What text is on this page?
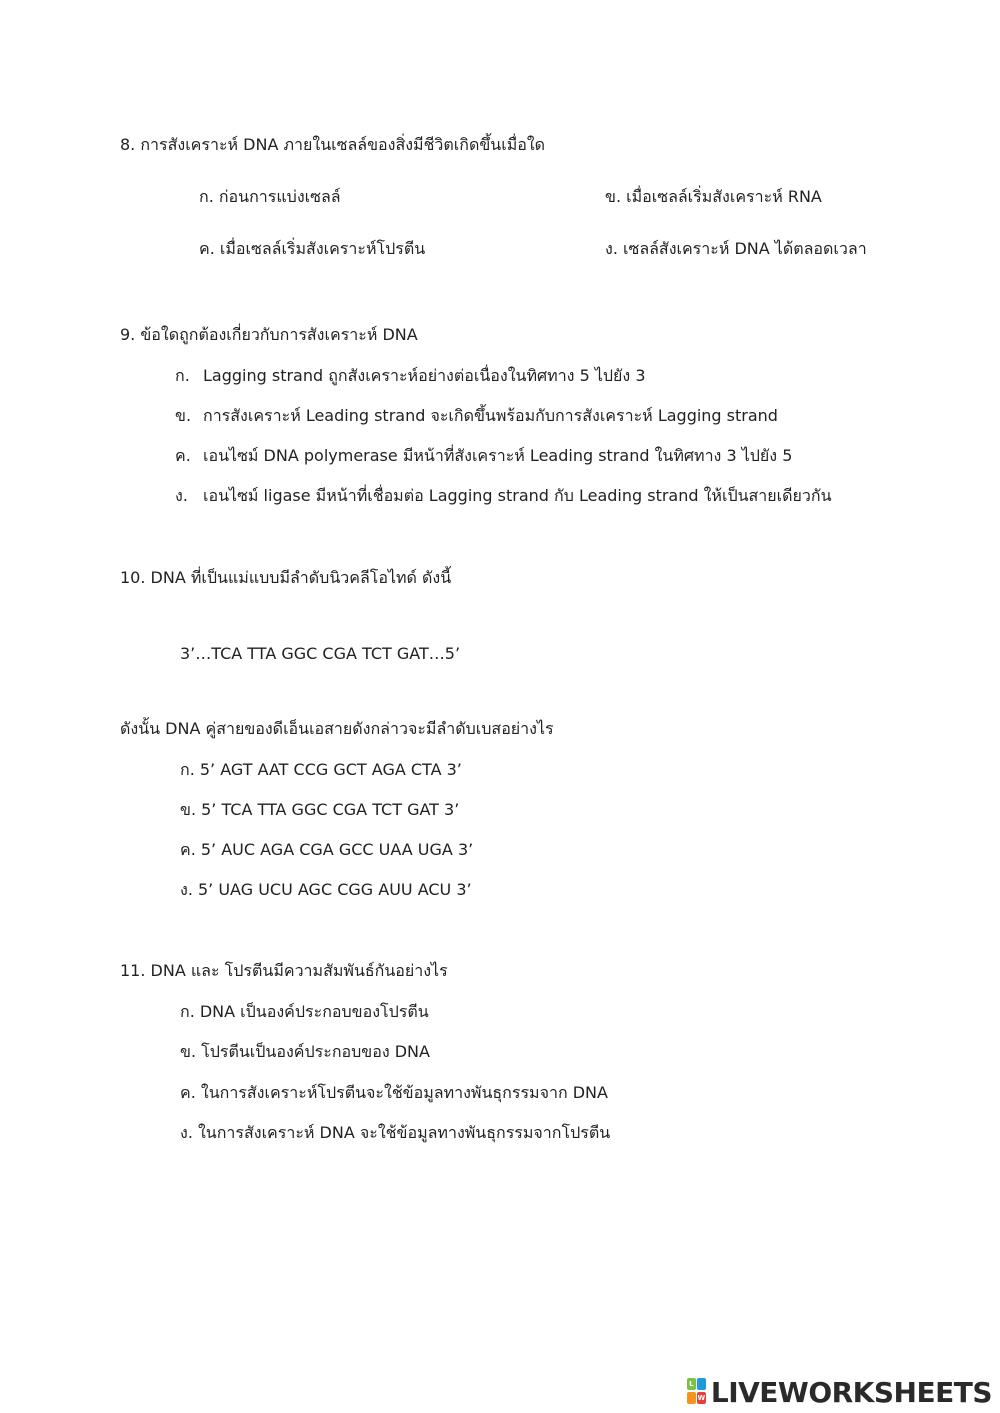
8. การสังเคราะห์ DNA ภายในเซลล์ของสิ่งมีชีวิตเกิดขึ้นเมื่อใด
ก. ก่อนการแบ่งเซลล์	ข. เมื่อเซลล์เริ่มสังเคราะห์ RNA
ค. เมื่อเซลล์เริ่มสังเคราะห์โปรตีน	ง. เซลล์สังเคราะห์ DNA ได้ตลอดเวลา
9. ข้อใดถูกต้องเกี่ยวกับการสังเคราะห์ DNA
ก. Lagging strand ถูกสังเคราะห์อย่างต่อเนื่องในทิศทาง 5 ไปยัง 3
ข. การสังเคราะห์ Leading strand จะเกิดขึ้นพร้อมกับการสังเคราะห์ Lagging strand
ค. เอนไซม์ DNA polymerase มีหน้าที่สังเคราะห์ Leading strand ในทิศทาง 3 ไปยัง 5
ง. เอนไซม์ ligase มีหน้าที่เชื่อมต่อ Lagging strand กับ Leading strand ให้เป็นสายเดียวกัน
10. DNA ที่เป็นแม่แบบมีลำดับนิวคลีโอไทด์ ดังนี้
3’…TCA TTA GGC CGA TCT GAT…5’
ดังนั้น DNA คู่สายของดีเอ็นเอสายดังกล่าวจะมีลำดับเบสอย่างไร
ก. 5’ AGT AAT CCG GCT AGA CTA 3’
ข. 5’ TCA TTA GGC CGA TCT GAT 3’
ค. 5’ AUC AGA CGA GCC UAA UGA 3’
ง. 5’ UAG UCU AGC CGG AUU ACU 3’
11. DNA และ โปรตีนมีความสัมพันธ์กันอย่างไร
ก. DNA เป็นองค์ประกอบของโปรตีน
ข. โปรตีนเป็นองค์ประกอบของ DNA
ค. ในการสังเคราะห์โปรตีนจะใช้ข้อมูลทางพันธุกรรมจาก DNA
ง. ในการสังเคราะห์ DNA จะใช้ข้อมูลทางพันธุกรรมจากโปรตีน
L
W LIVEWORKSHEETS
